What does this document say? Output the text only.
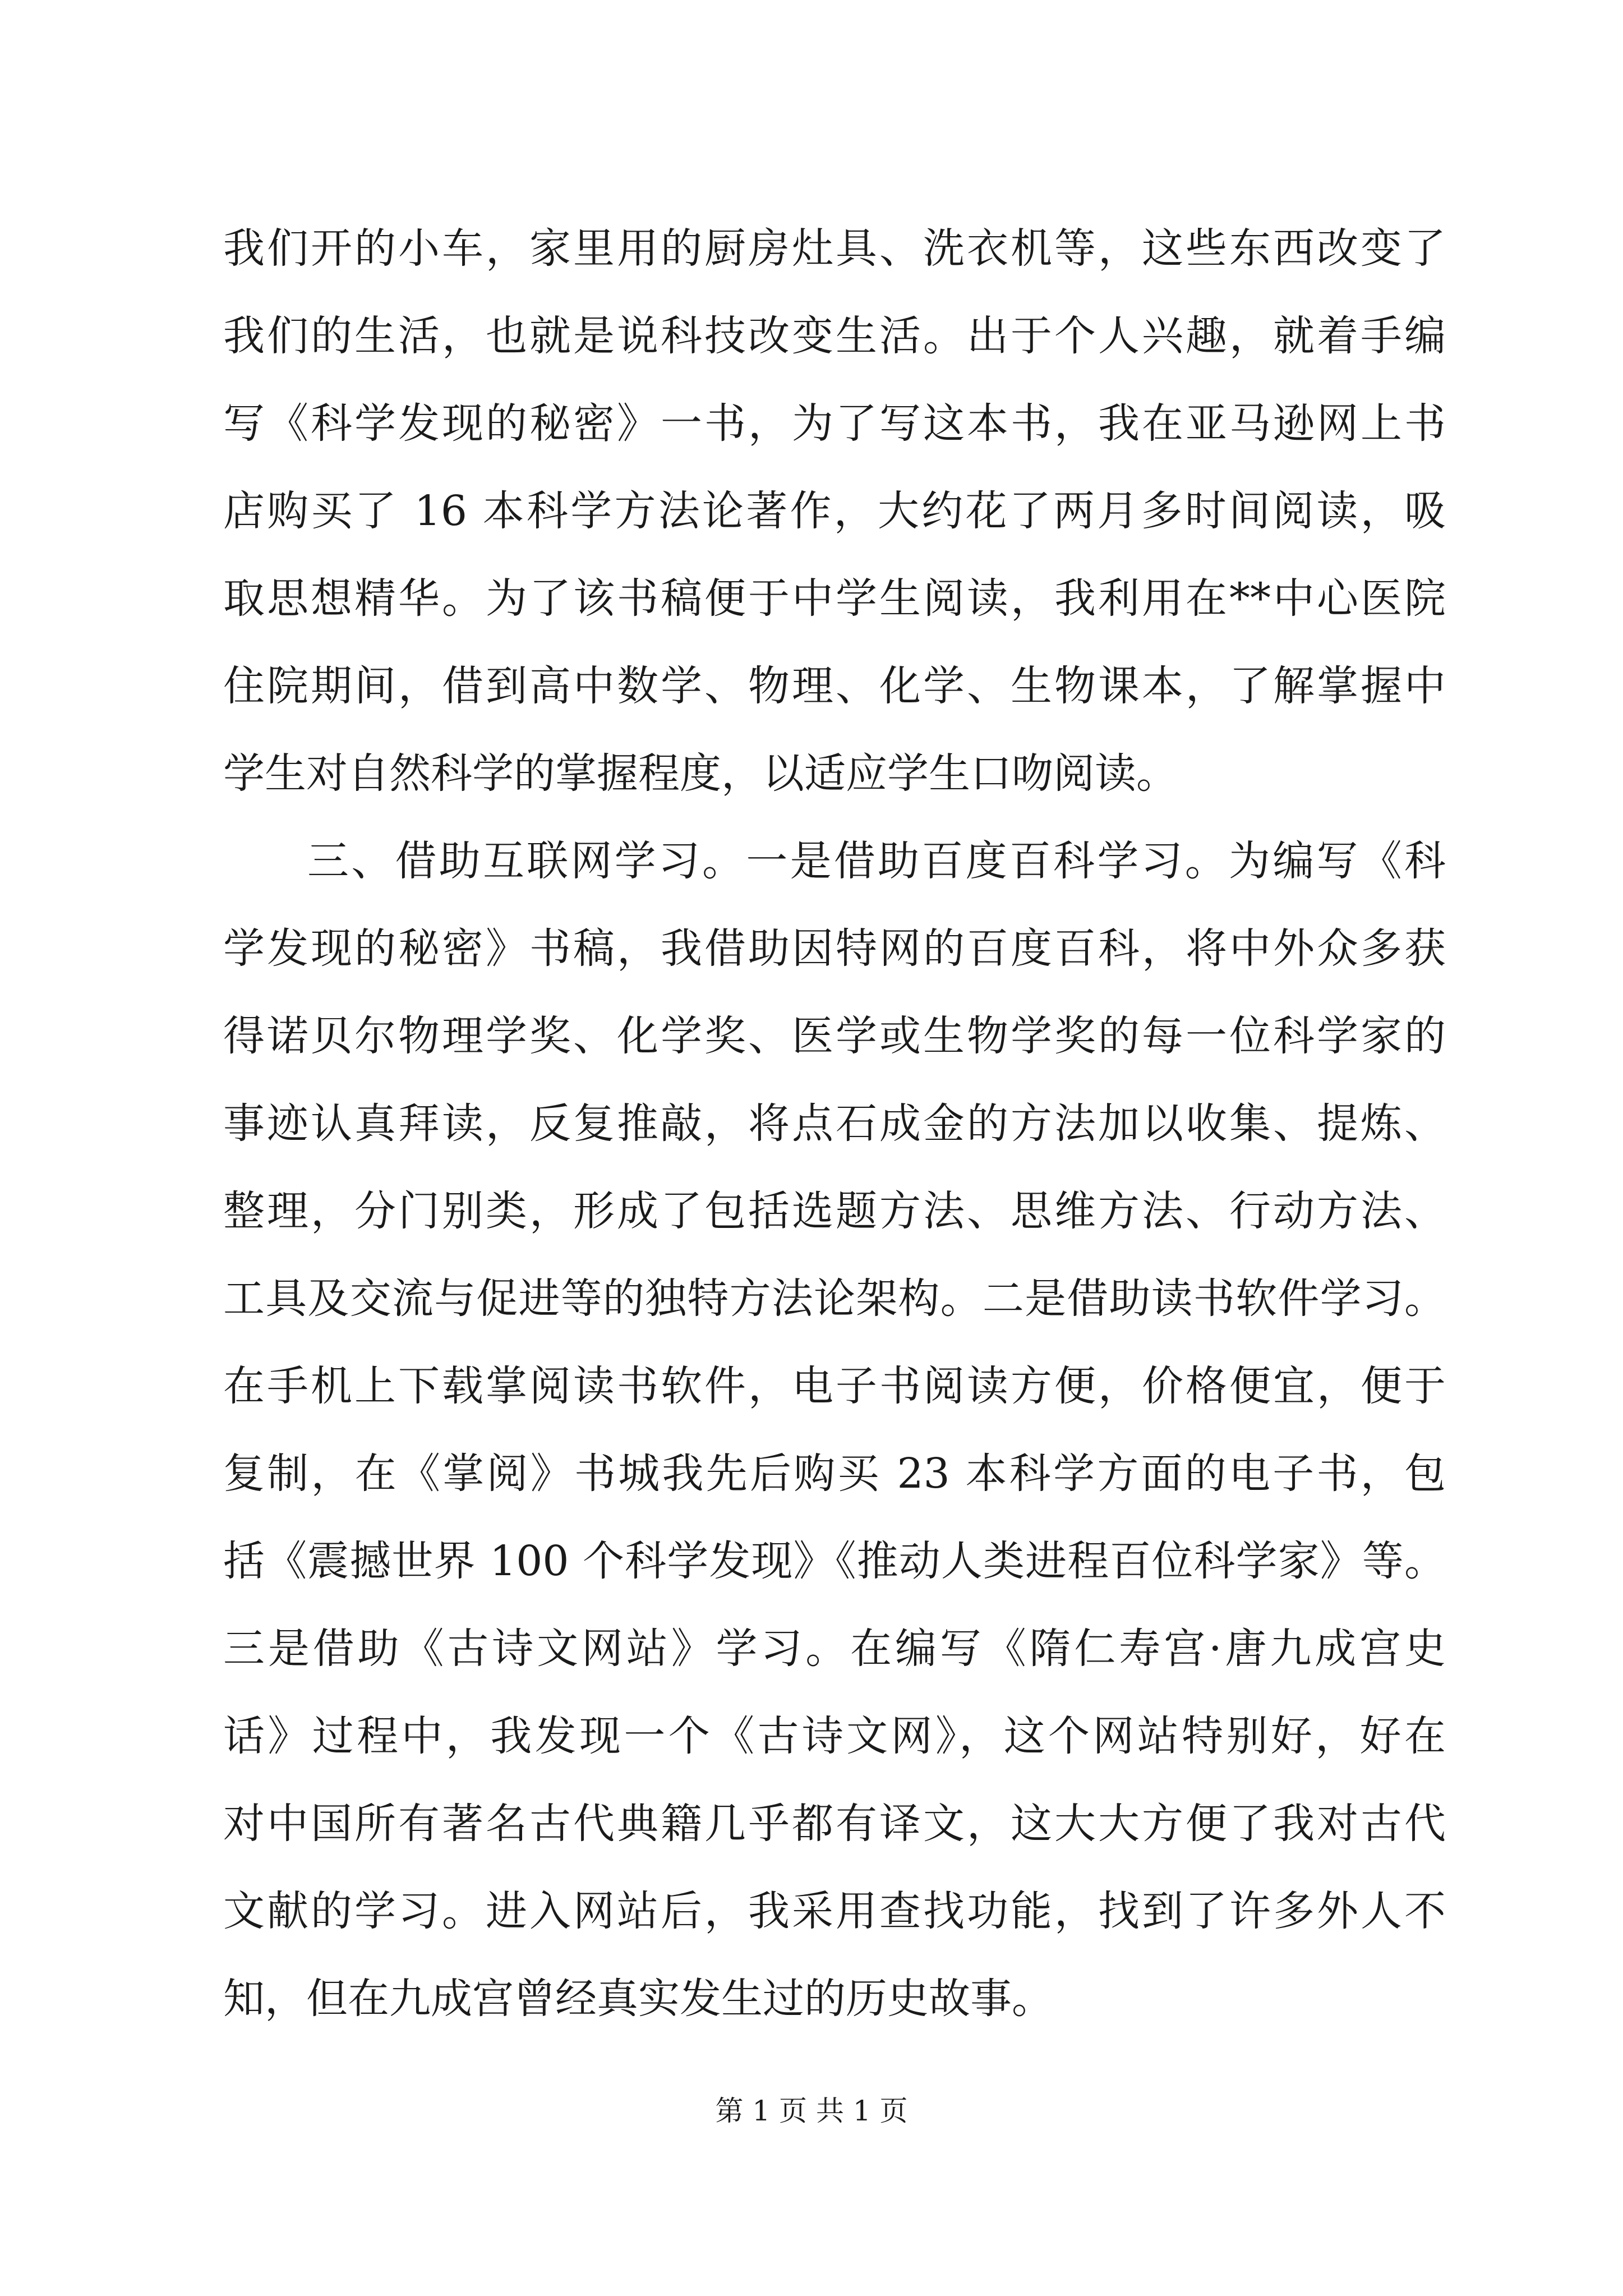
我们开的小车，家里用的厨房灶具、洗衣机等，这些东西改变了
我们的生活，也就是说科技改变生活。出于个人兴趣，就着手编
写《科学发现的秘密》一书，为了写这本书，我在亚马逊网上书
店购买了 16 本科学方法论著作，大约花了两月多时间阅读，吸
取思想精华。为了该书稿便于中学生阅读，我利用在**中心医院
住院期间，借到高中数学、物理、化学、生物课本，了解掌握中
学生对自然科学的掌握程度，以适应学生口吻阅读。
三、借助互联网学习。一是借助百度百科学习。为编写《科
学发现的秘密》书稿，我借助因特网的百度百科，将中外众多获
得诺贝尔物理学奖、化学奖、医学或生物学奖的每一位科学家的
事迹认真拜读，反复推敲，将点石成金的方法加以收集、提炼、
整理，分门别类，形成了包括选题方法、思维方法、行动方法、
工具及交流与促进等的独特方法论架构。二是借助读书软件学习。
在手机上下载掌阅读书软件，电子书阅读方便，价格便宜，便于
复制，在《掌阅》书城我先后购买 23 本科学方面的电子书，包
括《震撼世界 100 个科学发现》《推动人类进程百位科学家》等。
三是借助《古诗文网站》学习。在编写《隋仁寿宫·唐九成宫史
话》过程中，我发现一个《古诗文网》，这个网站特别好，好在
对中国所有著名古代典籍几乎都有译文，这大大方便了我对古代
文献的学习。进入网站后，我采用查找功能，找到了许多外人不
知，但在九成宫曾经真实发生过的历史故事。
第 1 页 共 1 页
